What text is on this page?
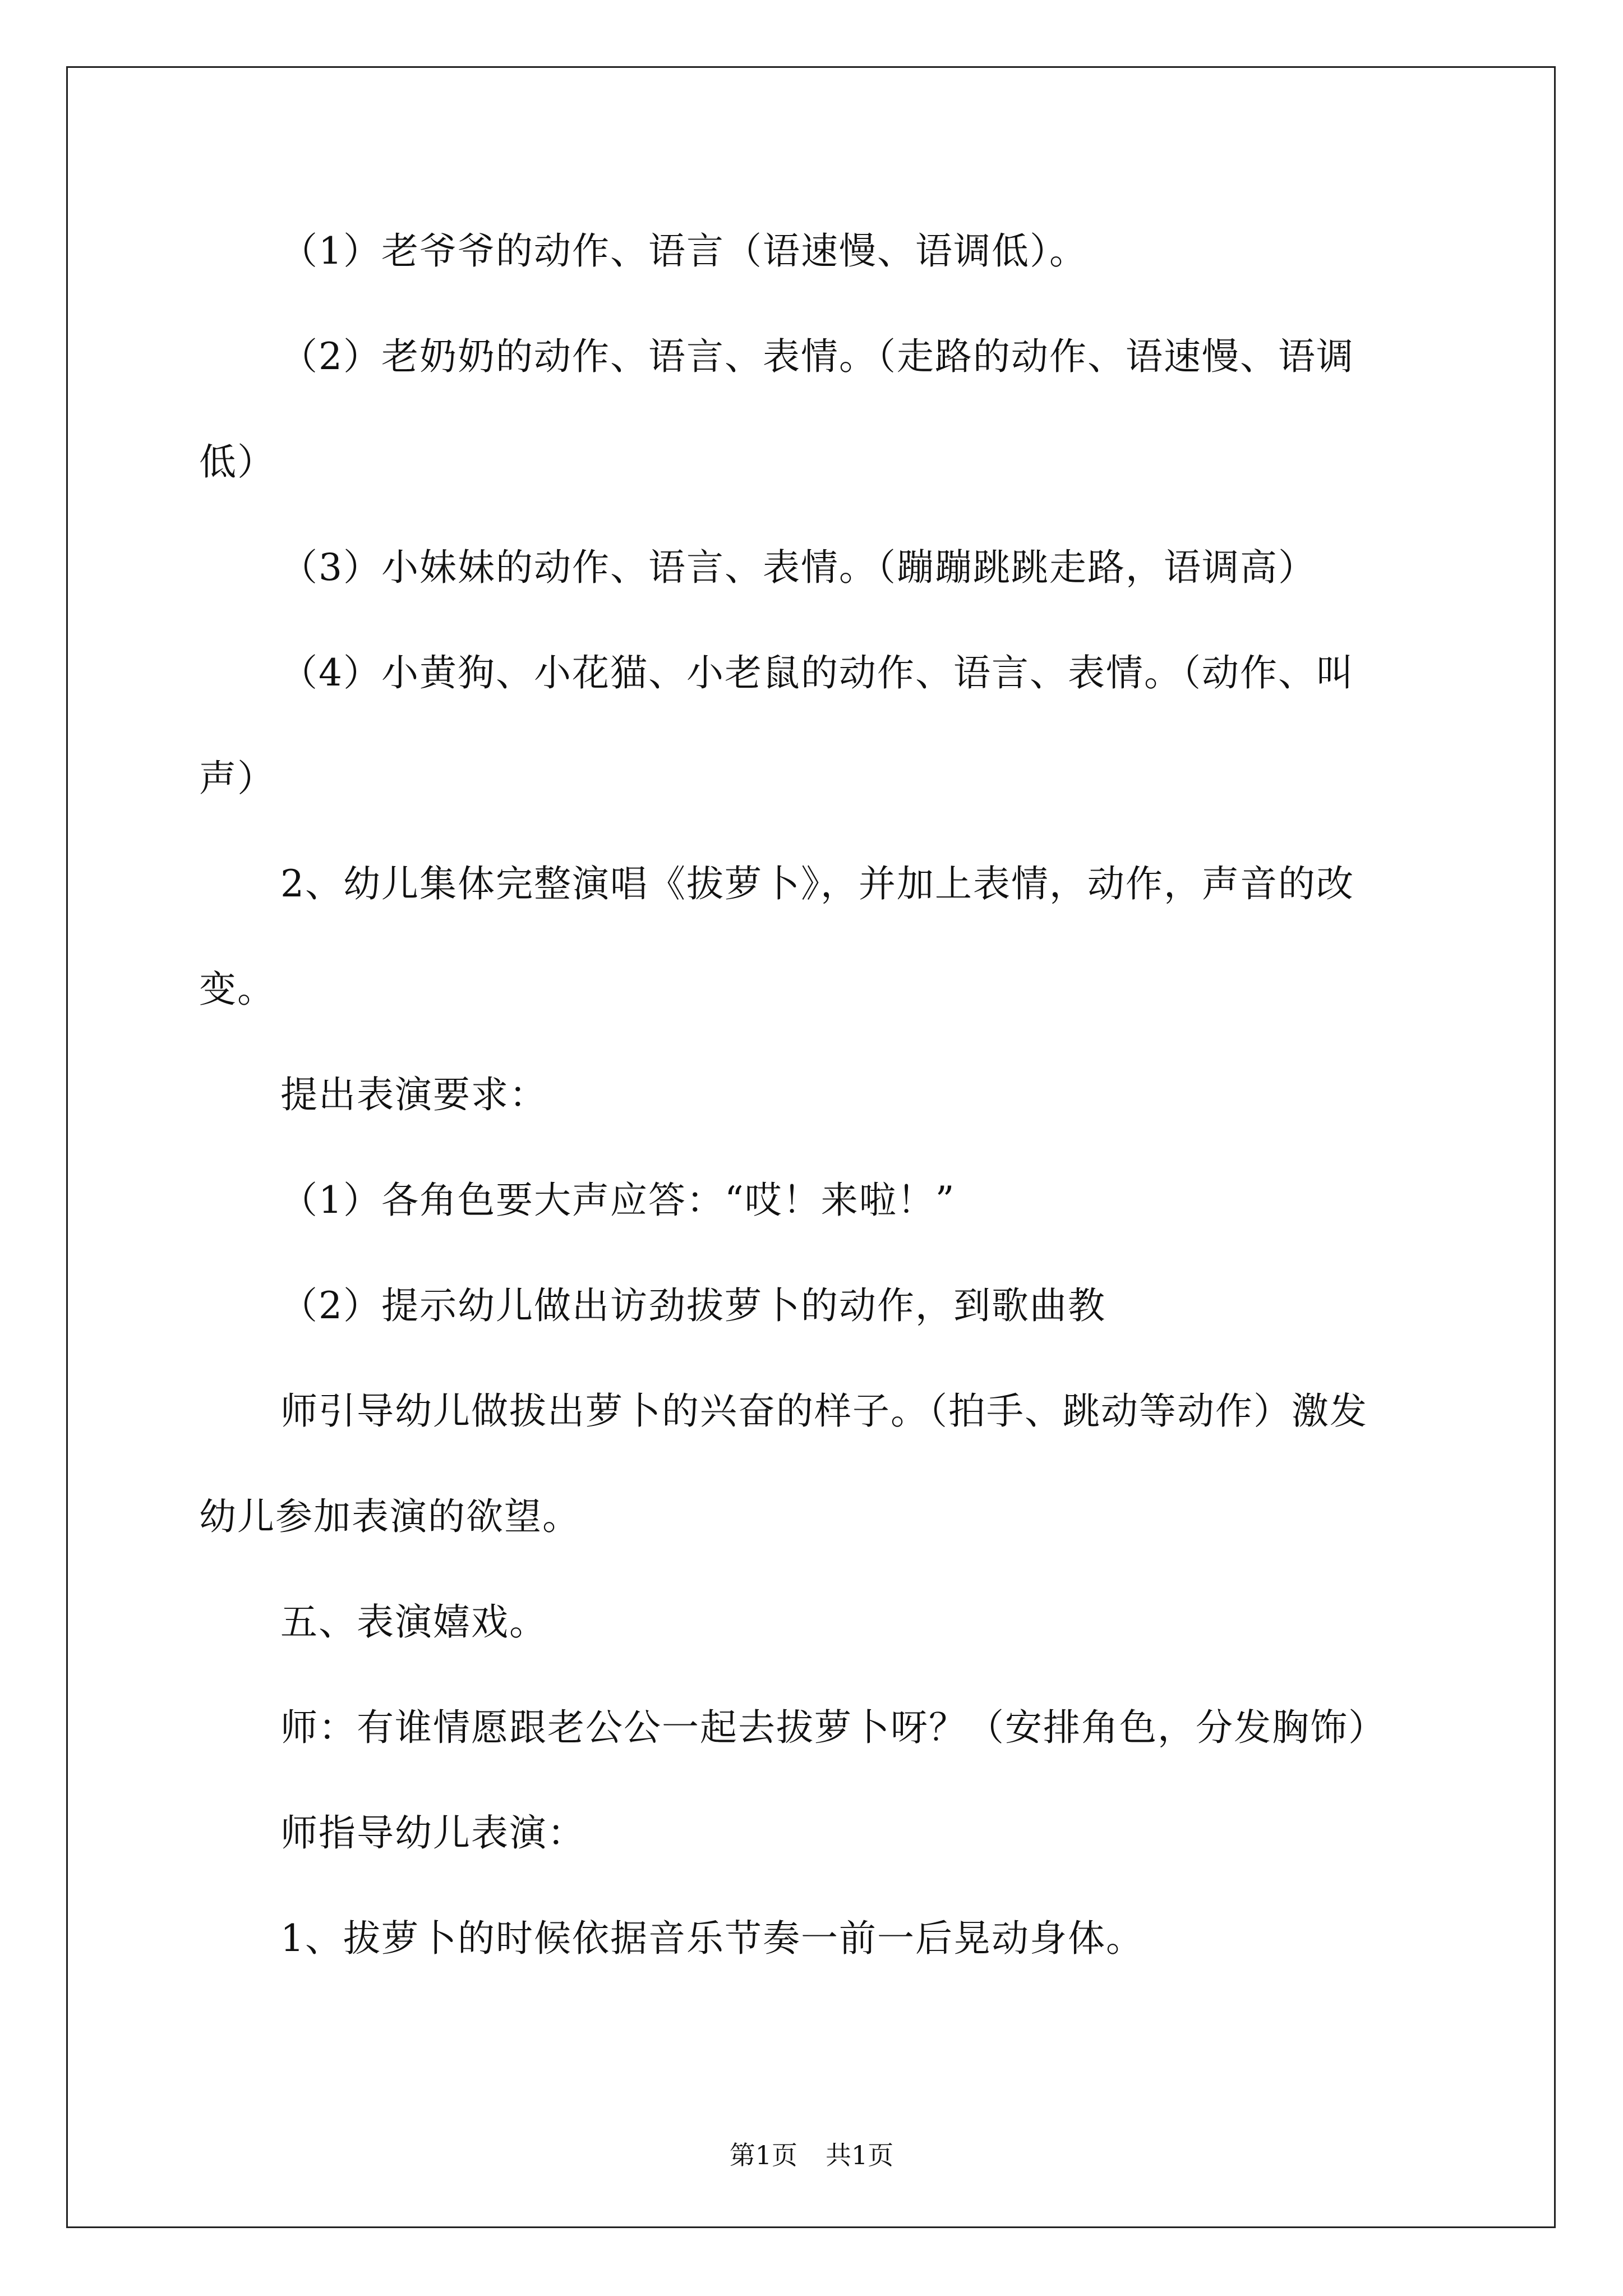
（1）老爷爷的动作、语言（语速慢、语调低）。
（2）老奶奶的动作、语言、表情。（走路的动作、语速慢、语调
低）
（3）小妹妹的动作、语言、表情。（蹦蹦跳跳走路，语调高）
（4）小黄狗、小花猫、小老鼠的动作、语言、表情。（动作、叫
声）
2、幼儿集体完整演唱《拔萝卜》，并加上表情，动作，声音的改
变。
提出表演要求：
（1）各角色要大声应答：“哎！来啦！”
（2）提示幼儿做出访劲拔萝卜的动作，到歌曲教
师引导幼儿做拔出萝卜的兴奋的样子。（拍手、跳动等动作）激发
幼儿参加表演的欲望。
五、表演嬉戏。
师：有谁情愿跟老公公一起去拔萝卜呀？（安排角色，分发胸饰）
师指导幼儿表演：
1、拔萝卜的时候依据音乐节奏一前一后晃动身体。
第1页 共1页
